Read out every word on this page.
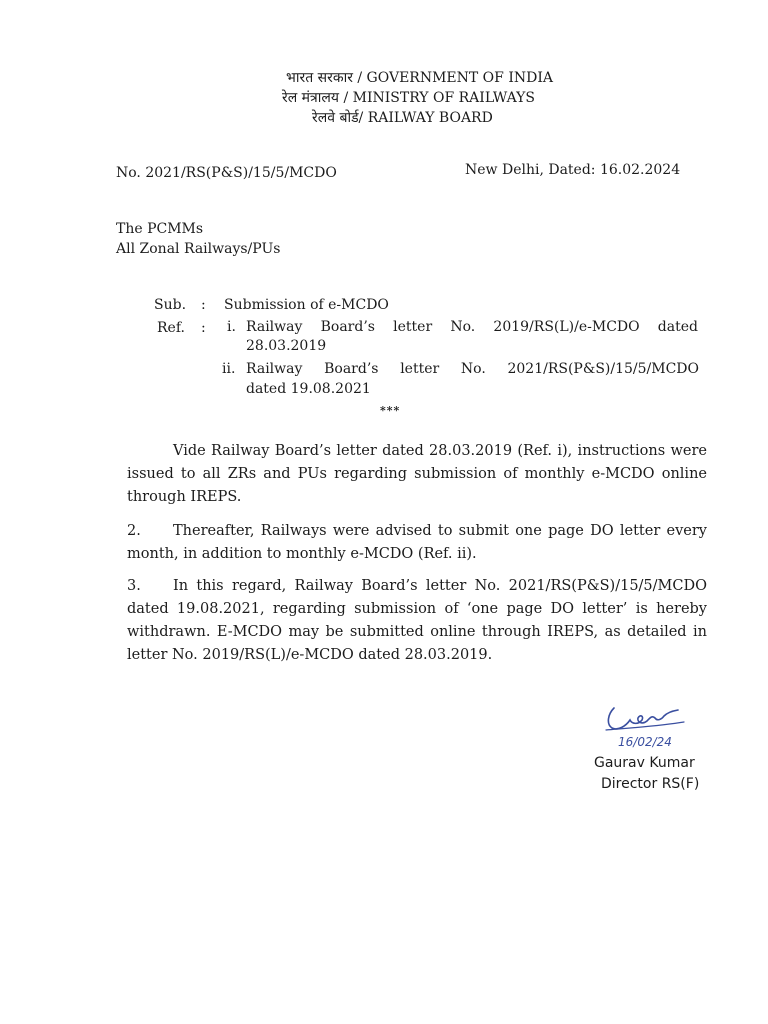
भारत सरकार / GOVERNMENT OF INDIA
रेल मंत्रालय / MINISTRY OF RAILWAYS
रेलवे बोर्ड/ RAILWAY BOARD
No. 2021/RS(P&S)/15/5/MCDO	New Delhi, Dated: 16.02.2024
The PCMMs
All Zonal Railways/PUs
Sub. : Submission of e-MCDO
Ref. : i. Railway Board’s letter No. 2019/RS(L)/e-MCDO dated
28.03.2019
ii. Railway Board’s letter No. 2021/RS(P&S)/15/5/MCDO
dated 19.08.2021
***
Vide Railway Board’s letter dated 28.03.2019 (Ref. i), instructions were issued to all ZRs and PUs regarding submission of monthly e-MCDO online through IREPS.
2. Thereafter, Railways were advised to submit one page DO letter every month, in addition to monthly e-MCDO (Ref. ii).
3. In this regard, Railway Board’s letter No. 2021/RS(P&S)/15/5/MCDO dated 19.08.2021, regarding submission of ‘one page DO letter’ is hereby withdrawn. E-MCDO may be submitted online through IREPS, as detailed in letter No. 2019/RS(L)/e-MCDO dated 28.03.2019.
16/02/24
Gaurav Kumar
Director RS(F)
